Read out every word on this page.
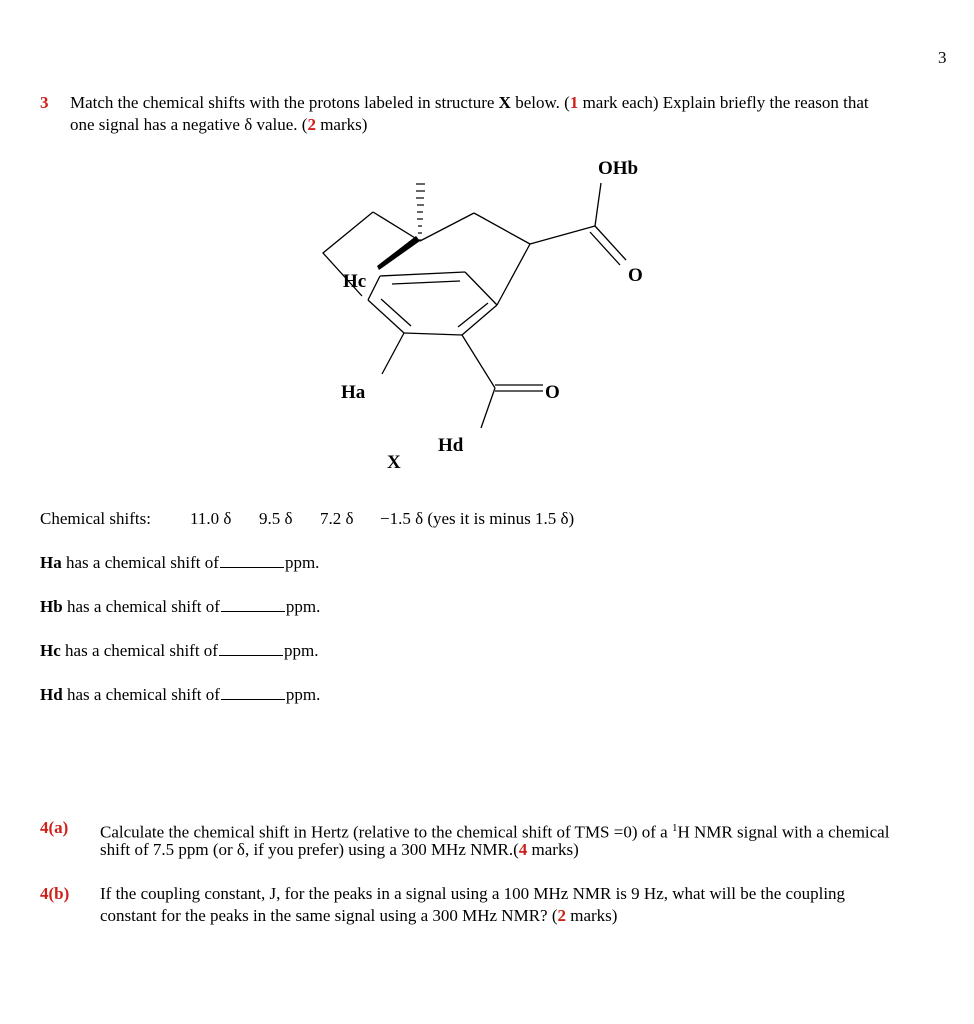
3
3 Match the chemical shifts with the protons labeled in structure X below. (1 mark each) Explain briefly the reason that
one signal has a negative δ value. (2 marks)
OHb
O
Hc
Ha	O
Hd
X
Chemical shifts: 11.0 δ 9.5 δ 7.2 δ −1.5 δ (yes it is minus 1.5 δ)
Ha has a chemical shift of	ppm.
Hb has a chemical shift of	ppm.
Hc has a chemical shift of	ppm.
Hd has a chemical shift of	ppm.
4(a) Calculate the chemical shift in Hertz (relative to the chemical shift of TMS =0) of a $^1$H NMR signal with a chemical
shift of 7.5 ppm (or δ, if you prefer) using a 300 MHz NMR.(4 marks)
4(b) If the coupling constant, J, for the peaks in a signal using a 100 MHz NMR is 9 Hz, what will be the coupling
constant for the peaks in the same signal using a 300 MHz NMR? (2 marks)
